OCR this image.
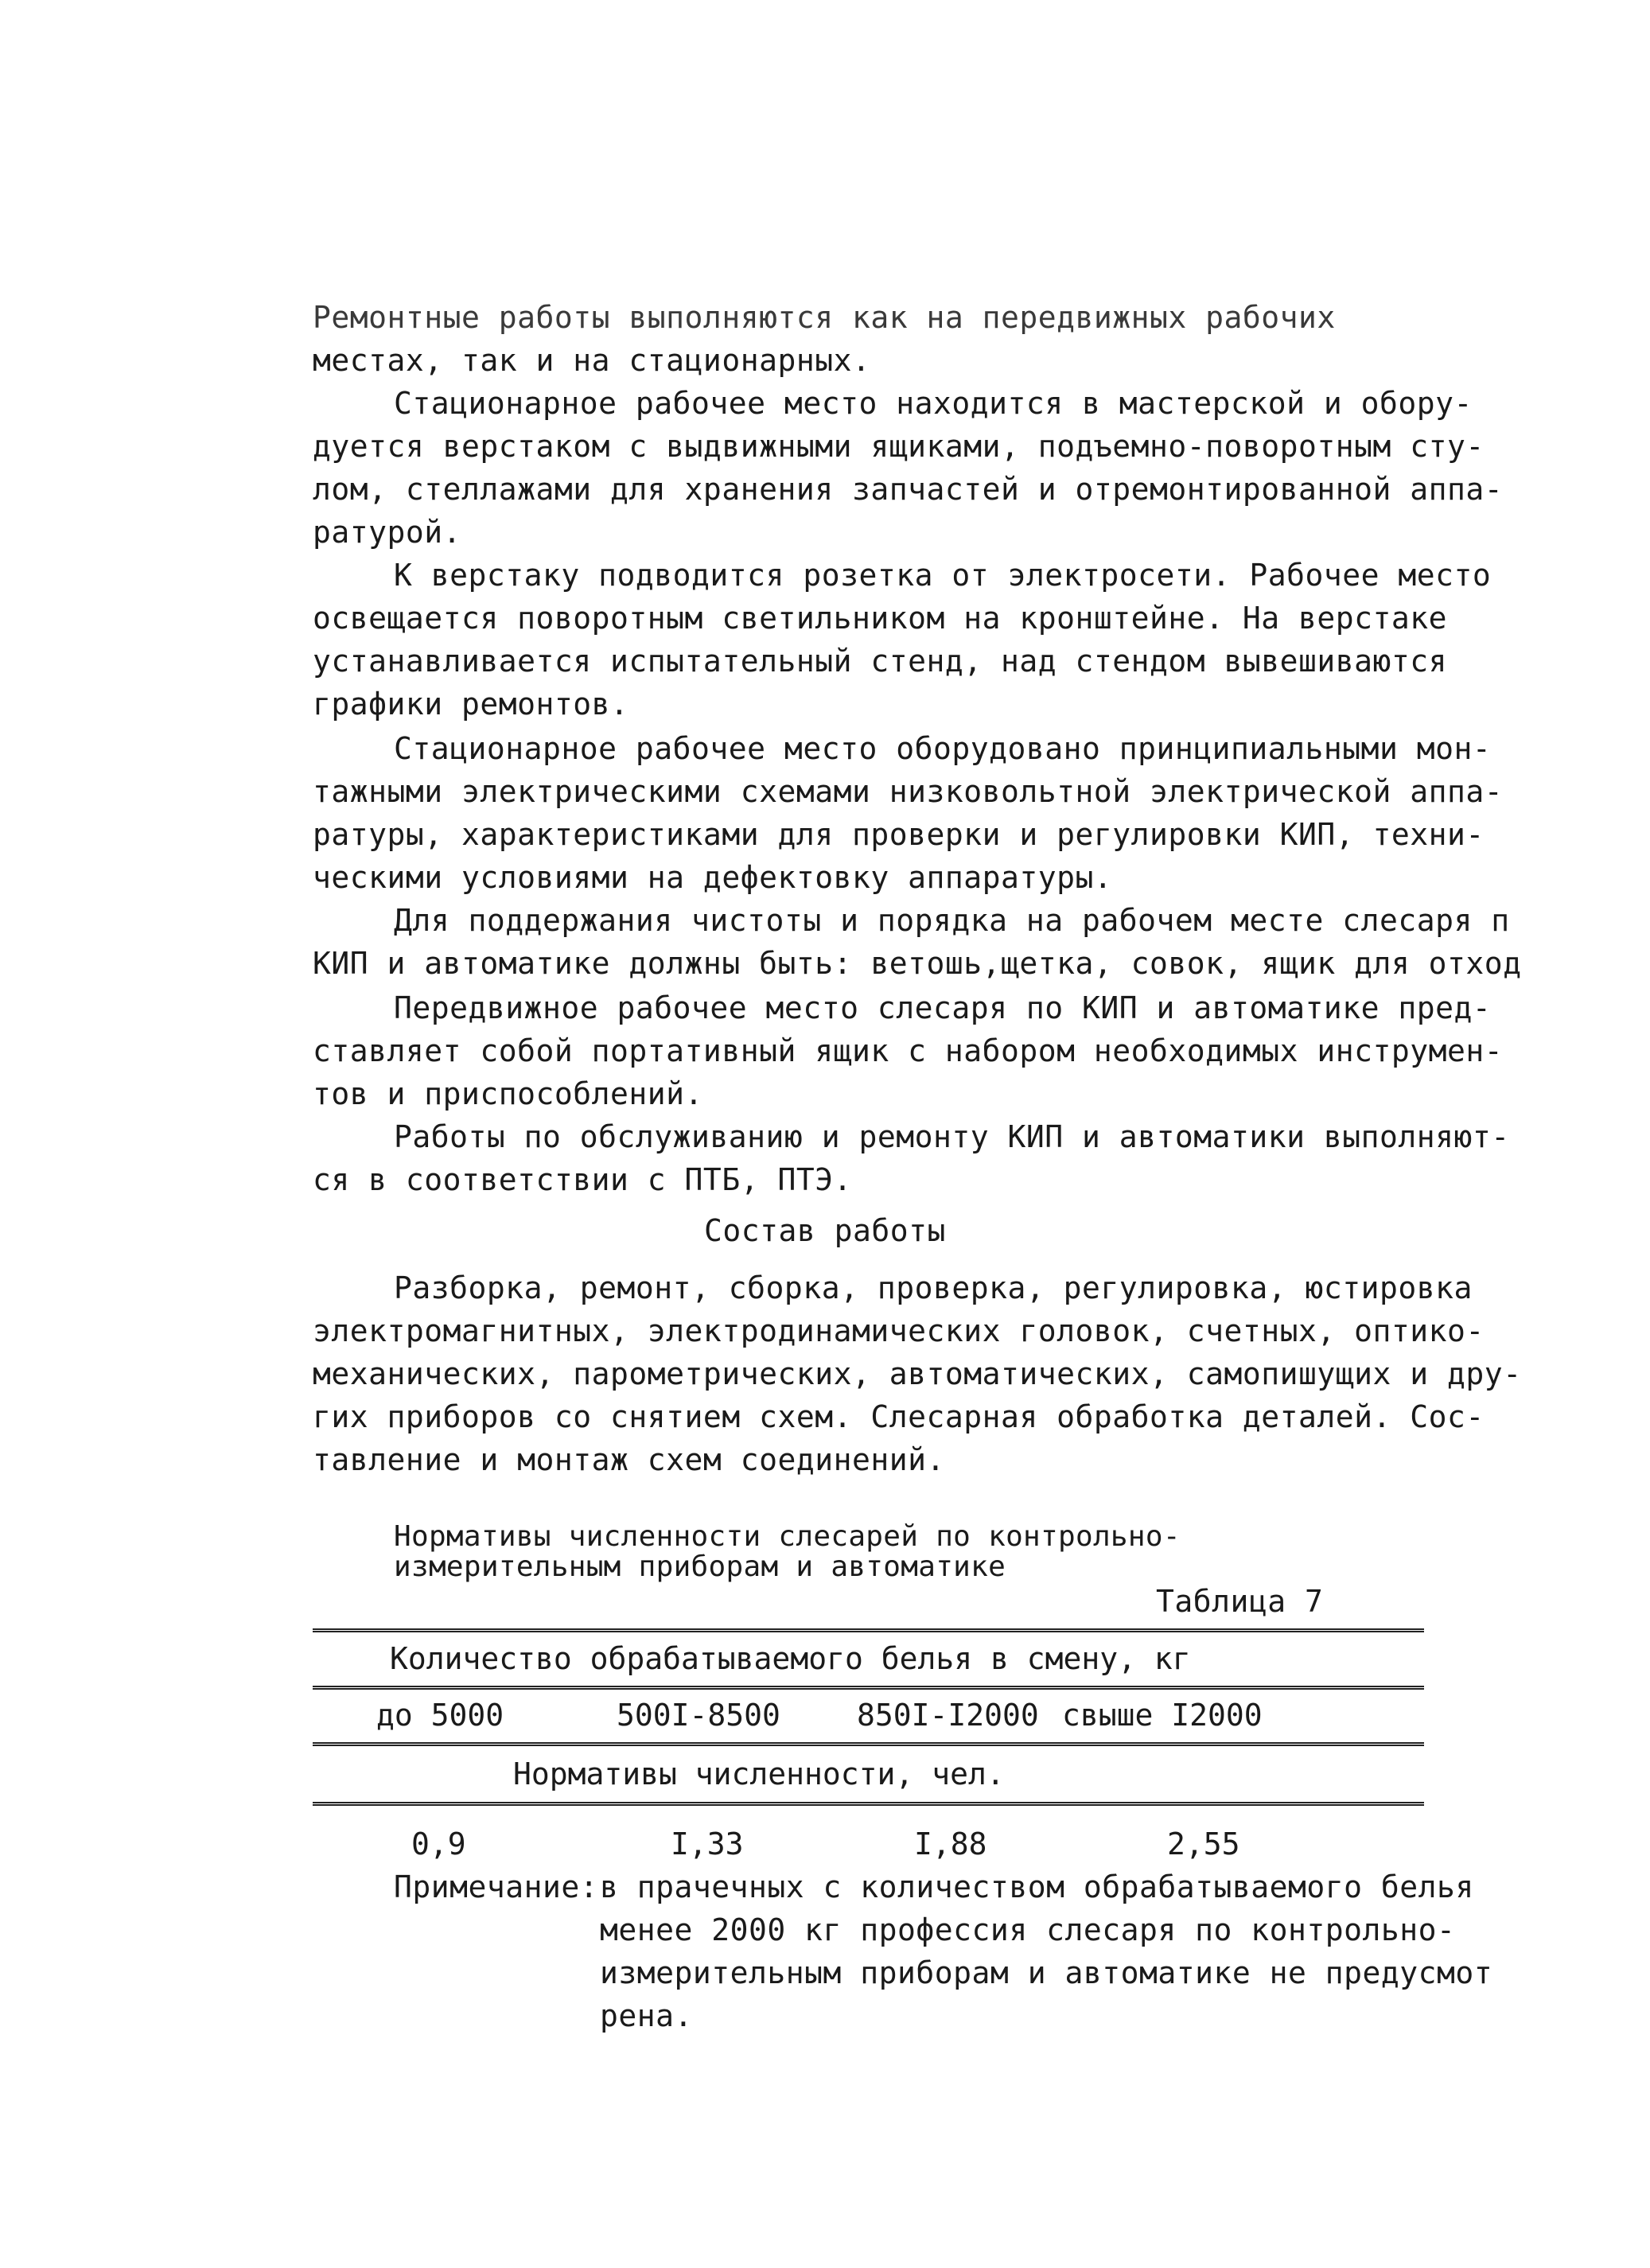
Ремонтные работы выполняются как на передвижных рабочих
местах, так и на стационарных.
Стационарное рабочее место находится в мастерской и обору-
дуется верстаком с выдвижными ящиками, подъемно-поворотным сту-
лом, стеллажами для хранения запчастей и отремонтированной аппа-
ратурой.
К верстаку подводится розетка от электросети. Рабочее место
освещается поворотным светильником на кронштейне. На верстаке
устанавливается испытательный стенд, над стендом вывешиваются
графики ремонтов.
Стационарное рабочее место оборудовано принципиальными мон-
тажными электрическими схемами низковольтной электрической аппа-
ратуры, характеристиками для проверки и регулировки КИП, техни-
ческими условиями на дефектовку аппаратуры.
Для поддержания чистоты и порядка на рабочем месте слесаря п
КИП и автоматике должны быть: ветошь,щетка, совок, ящик для отход
Передвижное рабочее место слесаря по КИП и автоматике пред-
ставляет собой портативный ящик с набором необходимых инструмен-
тов и приспособлений.
Работы по обслуживанию и ремонту КИП и автоматики выполняют-
ся в соответствии с ПТБ, ПТЭ.
Состав работы
Разборка, ремонт, сборка, проверка, регулировка, юстировка
электромагнитных, электродинамических головок, счетных, оптико-
механических, парометрических, автоматических, самопишущих и дру-
гих приборов со снятием схем. Слесарная обработка деталей. Сос-
тавление и монтаж схем соединений.
Нормативы численности слесарей по контрольно-
измерительным приборам и автоматике
Таблица 7
Количество обрабатываемого белья в смену, кг
до 5000	500I-8500	850I-I2000 свыше I2000
Нормативы численности, чел.
0,9	I,33	I,88	2,55
Примечание: в прачечных с количеством обрабатываемого белья
менее 2000 кг профессия слесаря по контрольно-
измерительным приборам и автоматике не предусмот
рена.
